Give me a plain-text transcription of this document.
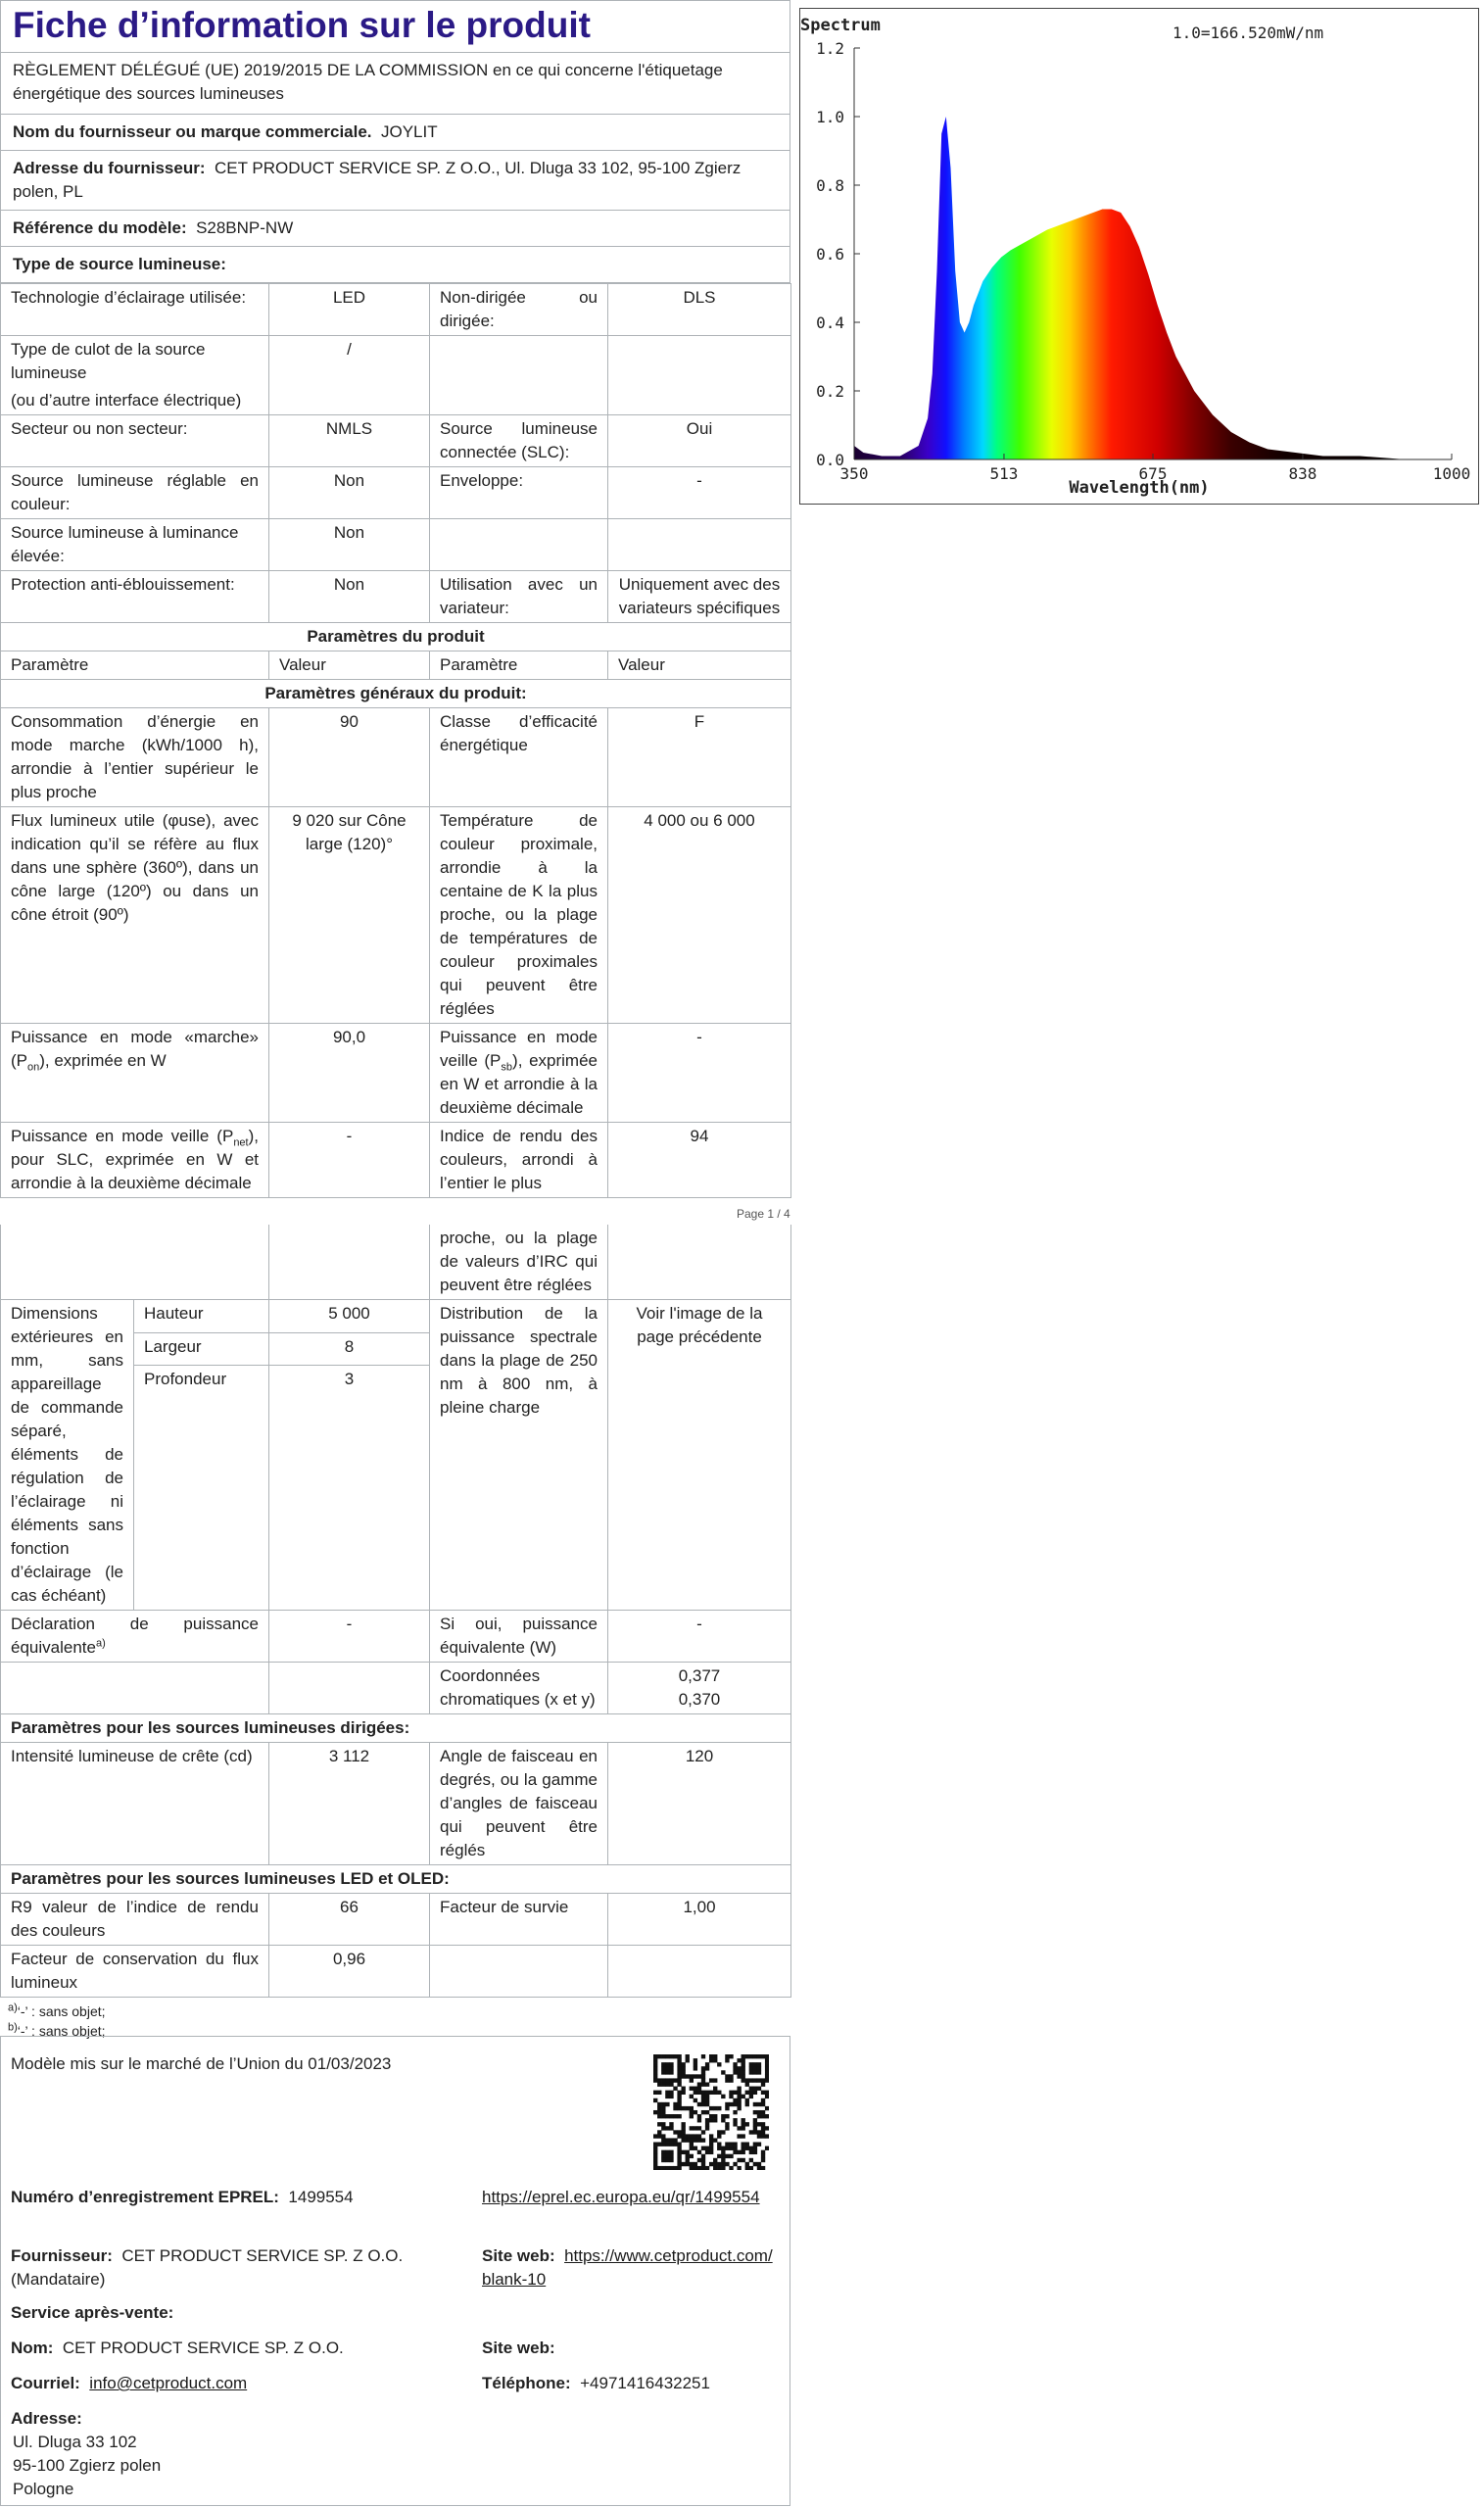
Fiche d’information sur le produit
RÈGLEMENT DÉLÉGUÉ (UE) 2019/2015 DE LA COMMISSION en ce qui concerne l'étiquetage énergétique des sources lumineuses
Nom du fournisseur ou marque commerciale. JOYLIT
Adresse du fournisseur: CET PRODUCT SERVICE SP. Z O.O., Ul. Dluga 33 102, 95-100 Zgierz polen, PL
Référence du modèle: S28BNP-NW
Type de source lumineuse:
Technologie d’éclairage utilisée:	LED	Non-dirigée ou dirigée:	DLS

Type de culot de la source lumineuse
(ou d’autre interface électrique)	/		
Secteur ou non secteur:	NMLS	Source lumineuse connectée (SLC):	Oui
Source lumineuse réglable en couleur:	Non	Enveloppe:	-
Source lumineuse à luminance élevée:	Non		
Protection anti-éblouissement:	Non	Utilisation avec un variateur:	Uniquement avec des variateurs spécifiques
Paramètres du produit			
Paramètre	Valeur	Paramètre	Valeur
Paramètres généraux du produit:			
Consommation d’énergie en mode marche (kWh/1000 h), arrondie à l’entier supérieur le plus proche	90	Classe d’efficacité énergétique	F
Flux lumineux utile (φuse), avec indication qu’il se réfère au flux dans une sphère (360º), dans un cône large (120º) ou dans un cône étroit (90º)	9 020 sur Cône large (120)°	Température de couleur proximale, arrondie à la centaine de K la plus proche, ou la plage de températures de couleur proximales qui peuvent être réglées	4 000 ou 6 000
Puissance en mode «marche» $(P_{on})$, exprimée en W	90,0	Puissance en mode veille $(P_{sb})$, exprimée en W et arrondie à la deuxième décimale	-
Puissance en mode veille $(P_{net})$, pour SLC, exprimée en W et arrondie à la deuxième décimale	-	Indice de rendu des couleurs, arrondi à l’entier le plus	94
Page 1 / 4
			proche, ou la plage de valeurs d’IRC qui peuvent être réglées	
Dimensions extérieures en mm, sans appareillage de commande séparé, éléments de régulation de l’éclairage ni éléments sans fonction d’éclairage (le cas échéant)	Hauteur	5 000	Distribution de la puissance spectrale dans la plage de 250 nm à 800 nm, à pleine charge	Voir l'image de la page précédente
	Largeur	8		
	Profondeur	3		
Déclaration de puissance équivalente$^{a)}$		-	Si oui, puissance équivalente (W)	-
			Coordonnées chromatiques (x et y)	0,377
0,370

Paramètres pour les sources lumineuses dirigées:				
Intensité lumineuse de crête (cd)		3 112	Angle de faisceau en degrés, ou la gamme d’angles de faisceau qui peuvent être réglés	120
Paramètres pour les sources lumineuses LED et OLED:				
R9 valeur de l’indice de rendu des couleurs		66	Facteur de survie	1,00
Facteur de conservation du flux lumineux		0,96		
$^{a)}$‘-’ : sans objet;
$^{b)}$‘-’ : sans objet;
Modèle mis sur le marché de l’Union du 01/03/2023
Numéro d’enregistrement EPREL: 1499554	https://eprel.ec.europa.eu/qr/1499554
Fournisseur: CET PRODUCT SERVICE SP. Z O.O. (Mandataire)
Site web: https://www.cetproduct.com/blank-10
Service après-vente:
Nom: CET PRODUCT SERVICE SP. Z O.O.	Site web:
Courriel: info@cetproduct.com	Téléphone: +4971416432251
Adresse:
Ul. Dluga 33 102
95-100 Zgierz polen
Pologne
Spectrum	1.0=166.520mW/nm
Wavelength(nm)
0.0
0.2
0.4
0.6
0.8
1.0
1.2
350	513	675	838	1000
